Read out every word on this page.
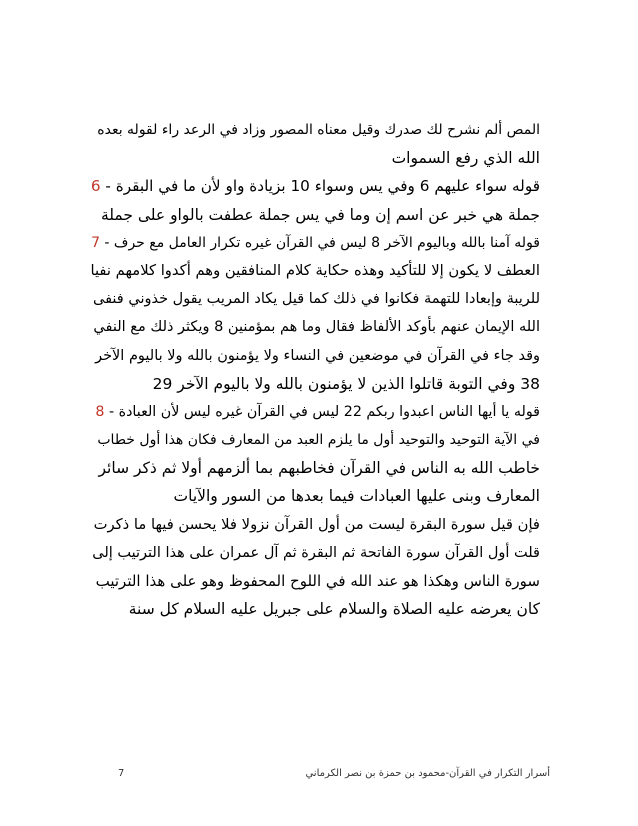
المص ألم نشرح لك صدرك وقيل معناه المصور وزاد في الرعد راء لقوله بعده
الله الذي رفع السموات
قوله سواء عليهم 6 وفي يس وسواء 10 بزيادة واو لأن ما في البقرة - 6
جملة هي خبر عن اسم إن وما في يس جملة عطفت بالواو على جملة
قوله آمنا بالله وباليوم الآخر 8 ليس في القرآن غيره تكرار العامل مع حرف - 7
العطف لا يكون إلا للتأكيد وهذه حكاية كلام المنافقين وهم أكدوا كلامهم نفيا
للريبة وإبعادا للتهمة فكانوا في ذلك كما قيل يكاد المريب يقول خذوني فنفى
الله الإيمان عنهم بأوكد الألفاظ فقال وما هم بمؤمنين 8 ويكثر ذلك مع النفي
وقد جاء في القرآن في موضعين في النساء ولا يؤمنون بالله ولا باليوم الآخر
38 وفي التوبة قاتلوا الذين لا يؤمنون بالله ولا باليوم الآخر 29
قوله يا أيها الناس اعبدوا ربكم 22 ليس في القرآن غيره ليس لأن العبادة - 8
في الآية التوحيد والتوحيد أول ما يلزم العبد من المعارف فكان هذا أول خطاب
خاطب الله به الناس في القرآن فخاطبهم بما ألزمهم أولا ثم ذكر سائر
المعارف وبنى عليها العبادات فيما بعدها من السور والآيات
فإن قيل سورة البقرة ليست من أول القرآن نزولا فلا يحسن فيها ما ذكرت
قلت أول القرآن سورة الفاتحة ثم البقرة ثم آل عمران على هذا الترتيب إلى
سورة الناس وهكذا هو عند الله في اللوح المحفوظ وهو على هذا الترتيب
كان يعرضه عليه الصلاة والسلام على جبريل عليه السلام كل سنة
أسرار التكرار في القرآن-محمود بن حمزة بن نصر الكرماني
7
